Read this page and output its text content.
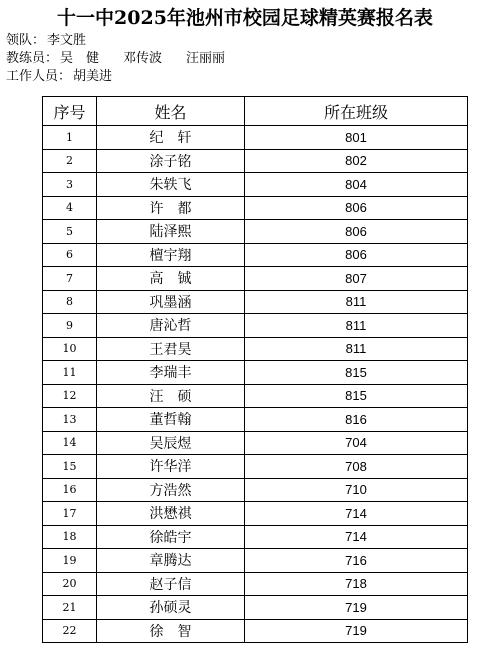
十一中2025年池州市校园足球精英赛报名表
领队： 李文胜
教练员： 吴　健 邓传波 汪丽丽
工作人员： 胡美进
序号	姓名	所在班级
1	纪　轩	801
2	涂子铭	802
3	朱轶飞	804
4	许　都	806
5	陆泽熙	806
6	檀宇翔	806
7	高　铖	807
8	巩墨涵	811
9	唐沁哲	811
10	王君昊	811
11	李瑞丰	815
12	汪　硕	815
13	董哲翰	816
14	吴辰煜	704
15	许华洋	708
16	方浩然	710
17	洪懋祺	714
18	徐皓宇	714
19	章腾达	716
20	赵子信	718
21	孙硕灵	719
22	徐　智	719
